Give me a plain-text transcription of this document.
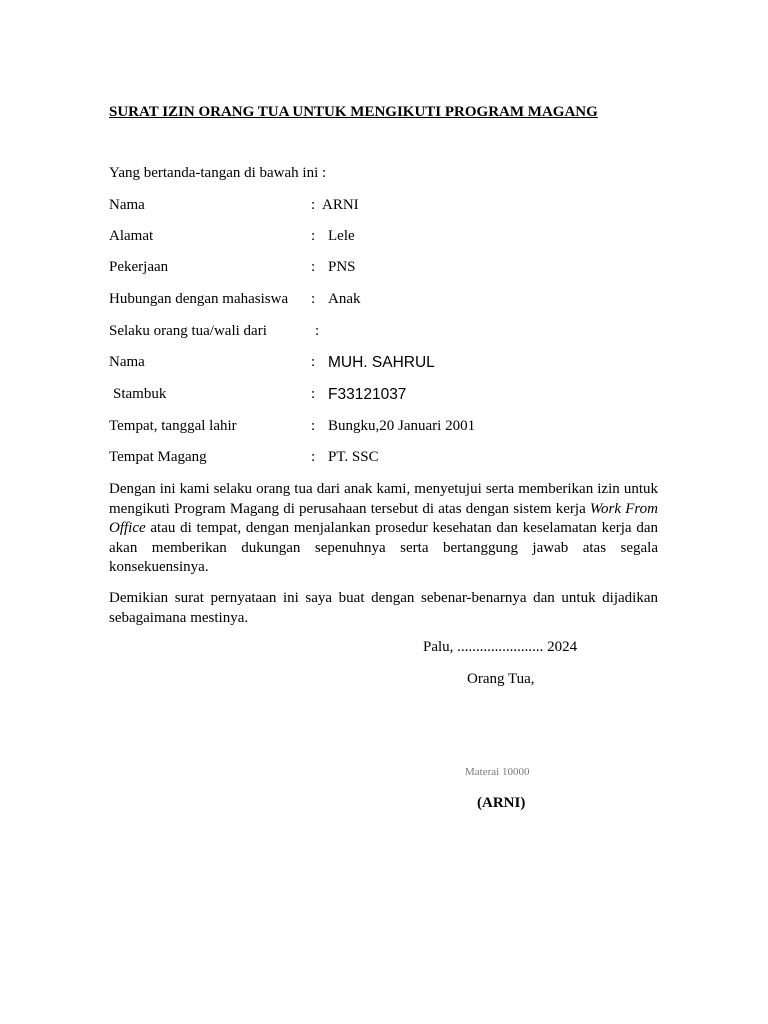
SURAT IZIN ORANG TUA UNTUK MENGIKUTI PROGRAM MAGANG
Yang bertanda-tangan di bawah ini :
Nama	: ARNI
Alamat	: Lele
Pekerjaan	: PNS
Hubungan dengan mahasiswa : Anak
Selaku orang tua/wali dari	:
Nama	: MUH. SAHRUL
Stambuk	: F33121037
Tempat, tanggal lahir	: Bungku,20 Januari 2001
Tempat Magang	: PT. SSC
Dengan ini kami selaku orang tua dari anak kami, menyetujui serta memberikan izin untuk mengikuti Program Magang di perusahaan tersebut di atas dengan sistem kerja Work From Office atau di tempat, dengan menjalankan prosedur kesehatan dan keselamatan kerja dan akan memberikan dukungan sepenuhnya serta bertanggung jawab atas segala konsekuensinya.
Demikian surat pernyataan ini saya buat dengan sebenar-benarnya dan untuk dijadikan sebagaimana mestinya.
Palu, ....................... 2024
Orang Tua,
Materai 10000
(ARNI)
